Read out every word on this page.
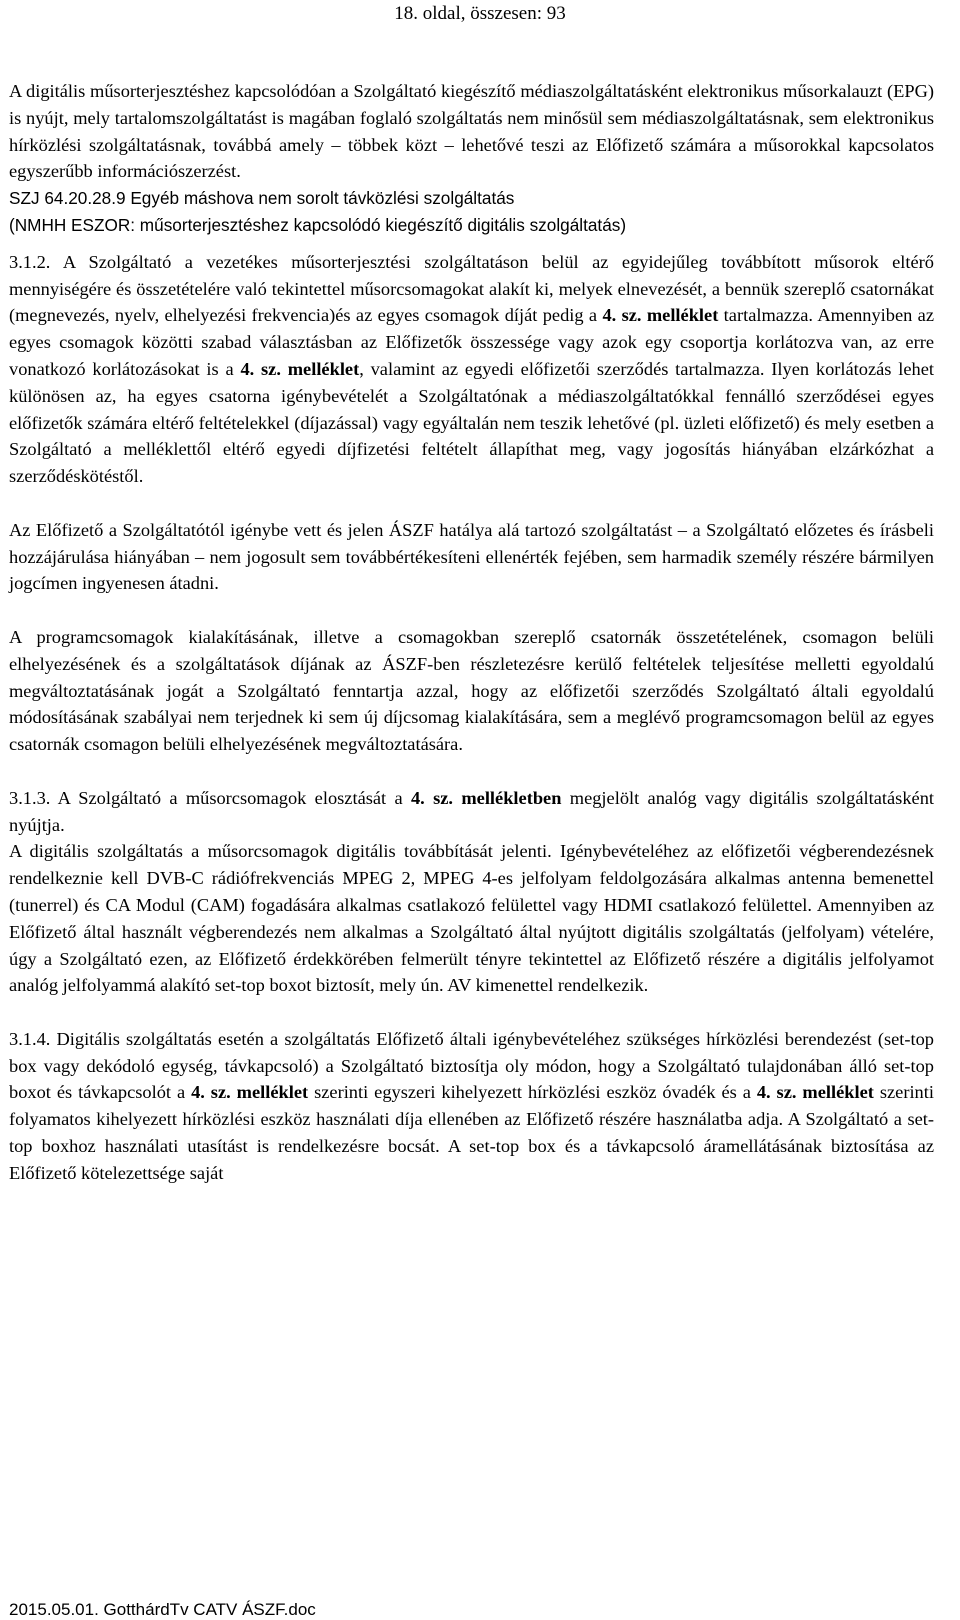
18. oldal, összesen: 93

A digitális műsorterjesztéshez kapcsolódóan a Szolgáltató kiegészítő médiaszolgáltatásként elektronikus műsorkalauzt (EPG) is nyújt, mely tartalomszolgáltatást is magában foglaló szolgáltatás nem minősül sem médiaszolgáltatásnak, sem elektronikus hírközlési szolgáltatásnak, továbbá amely – többek közt – lehetővé teszi az Előfizető számára a műsorokkal kapcsolatos egyszerűbb információszerzést.

SZJ 64.20.28.9 Egyéb máshova nem sorolt távközlési szolgáltatás

(NMHH ESZOR: műsorterjesztéshez kapcsolódó kiegészítő digitális szolgáltatás)

3.1.2. A Szolgáltató a vezetékes műsorterjesztési szolgáltatáson belül az egyidejűleg továbbított műsorok eltérő mennyiségére és összetételére való tekintettel műsorcsomagokat alakít ki, melyek elnevezését, a bennük szereplő csatornákat (megnevezés, nyelv, elhelyezési frekvencia)és az egyes csomagok díját pedig a 4. sz. melléklet tartalmazza. Amennyiben az egyes csomagok közötti szabad választásban az Előfizetők összessége vagy azok egy csoportja korlátozva van, az erre vonatkozó korlátozásokat is a 4. sz. melléklet, valamint az egyedi előfizetői szerződés tartalmazza. Ilyen korlátozás lehet különösen az, ha egyes csatorna igénybevételét a Szolgáltatónak a médiaszolgáltatókkal fennálló szerződései egyes előfizetők számára eltérő feltételekkel (díjazással) vagy egyáltalán nem teszik lehetővé (pl. üzleti előfizető) és mely esetben a Szolgáltató a melléklettől eltérő egyedi díjfizetési feltételt állapíthat meg, vagy jogosítás hiányában elzárkózhat a szerződéskötéstől.

Az Előfizető a Szolgáltatótól igénybe vett és jelen ÁSZF hatálya alá tartozó szolgáltatást – a Szolgáltató előzetes és írásbeli hozzájárulása hiányában – nem jogosult sem továbbértékesíteni ellenérték fejében, sem harmadik személy részére bármilyen jogcímen ingyenesen átadni.

A programcsomagok kialakításának, illetve a csomagokban szereplő csatornák összetételének, csomagon belüli elhelyezésének és a szolgáltatások díjának az ÁSZF-ben részletezésre kerülő feltételek teljesítése melletti egyoldalú megváltoztatásának jogát a Szolgáltató fenntartja azzal, hogy az előfizetői szerződés Szolgáltató általi egyoldalú módosításának szabályai nem terjednek ki sem új díjcsomag kialakítására, sem a meglévő programcsomagon belül az egyes csatornák csomagon belüli elhelyezésének megváltoztatására.

3.1.3. A Szolgáltató a műsorcsomagok elosztását a 4. sz. mellékletben megjelölt analóg vagy digitális szolgáltatásként nyújtja.

A digitális szolgáltatás a műsorcsomagok digitális továbbítását jelenti. Igénybevételéhez az előfizetői végberendezésnek rendelkeznie kell DVB-C rádiófrekvenciás MPEG 2, MPEG 4-es jelfolyam feldolgozására alkalmas antenna bemenettel (tunerrel) és CA Modul (CAM) fogadására alkalmas csatlakozó felülettel vagy HDMI csatlakozó felülettel. Amennyiben az Előfizető által használt végberendezés nem alkalmas a Szolgáltató által nyújtott digitális szolgáltatás (jelfolyam) vételére, úgy a Szolgáltató ezen, az Előfizető érdekkörében felmerült tényre tekintettel az Előfizető részére a digitális jelfolyamot analóg jelfolyammá alakító set-top boxot biztosít, mely ún. AV kimenettel rendelkezik.

3.1.4. Digitális szolgáltatás esetén a szolgáltatás Előfizető általi igénybevételéhez szükséges hírközlési berendezést (set-top box vagy dekódoló egység, távkapcsoló) a Szolgáltató biztosítja oly módon, hogy a Szolgáltató tulajdonában álló set-top boxot és távkapcsolót a 4. sz. melléklet szerinti egyszeri kihelyezett hírközlési eszköz óvadék és a 4. sz. melléklet szerinti folyamatos kihelyezett hírközlési eszköz használati díja ellenében az Előfizető részére használatba adja. A Szolgáltató a set-top boxhoz használati utasítást is rendelkezésre bocsát. A set-top box és a távkapcsoló áramellátásának biztosítása az Előfizető kötelezettsége saját

2015.05.01. GotthárdTv CATV ÁSZF.doc
